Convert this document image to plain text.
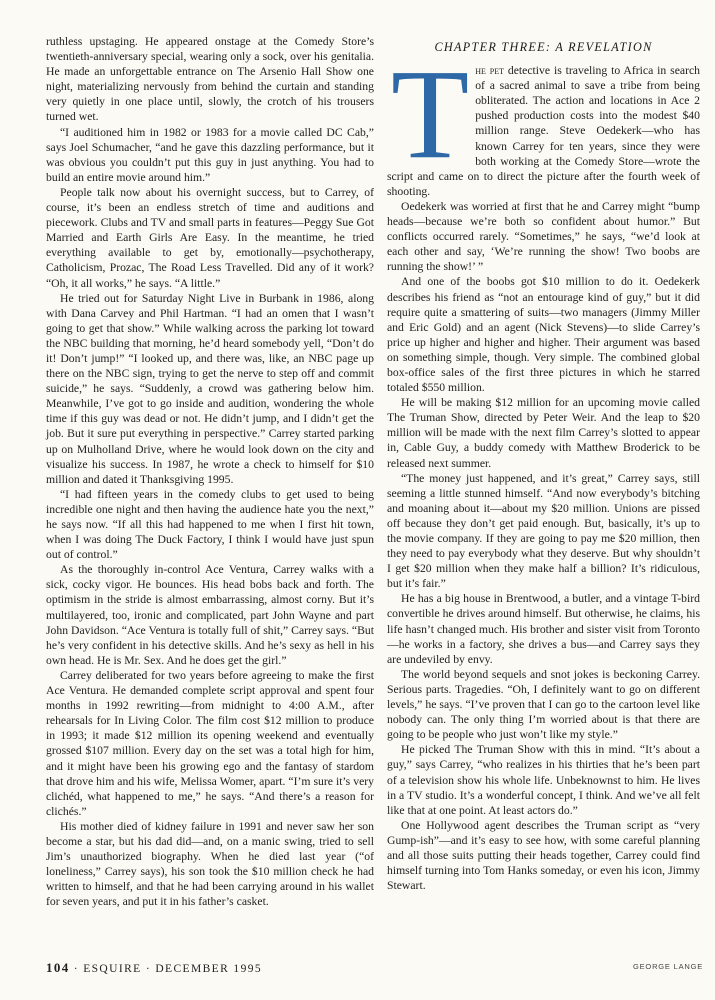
ruthless upstaging. He appeared onstage at the Comedy Store’s twentieth-anniversary special, wearing only a sock, over his genitalia. He made an unforgettable entrance on The Arsenio Hall Show one night, materializing nervously from behind the curtain and standing very quietly in one place until, slowly, the crotch of his trousers turned wet.

“I auditioned him in 1982 or 1983 for a movie called DC Cab,” says Joel Schumacher, “and he gave this dazzling performance, but it was obvious you couldn’t put this guy in just anything. You had to build an entire movie around him.”

People talk now about his overnight success, but to Carrey, of course, it’s been an endless stretch of time and auditions and piecework. Clubs and TV and small parts in features—Peggy Sue Got Married and Earth Girls Are Easy. In the meantime, he tried everything available to get by, emotionally—psychotherapy, Catholicism, Prozac, The Road Less Travelled. Did any of it work? “Oh, it all works,” he says. “A little.”

He tried out for Saturday Night Live in Burbank in 1986, along with Dana Carvey and Phil Hartman. “I had an omen that I wasn’t going to get that show.” While walking across the parking lot toward the NBC building that morning, he’d heard somebody yell, “Don’t do it! Don’t jump!” “I looked up, and there was, like, an NBC page up there on the NBC sign, trying to get the nerve to step off and commit suicide,” he says. “Suddenly, a crowd was gathering below him. Meanwhile, I’ve got to go inside and audition, wondering the whole time if this guy was dead or not. He didn’t jump, and I didn’t get the job. But it sure put everything in perspective.” Carrey started parking up on Mulholland Drive, where he would look down on the city and visualize his success. In 1987, he wrote a check to himself for $10 million and dated it Thanksgiving 1995.

“I had fifteen years in the comedy clubs to get used to being incredible one night and then having the audience hate you the next,” he says now. “If all this had happened to me when I first hit town, when I was doing The Duck Factory, I think I would have just spun out of control.”

As the thoroughly in-control Ace Ventura, Carrey walks with a sick, cocky vigor. He bounces. His head bobs back and forth. The optimism in the stride is almost embarrassing, almost corny. But it’s multilayered, too, ironic and complicated, part John Wayne and part John Davidson. “Ace Ventura is totally full of shit,” Carrey says. “But he’s very confident in his detective skills. And he’s sexy as hell in his own head. He is Mr. Sex. And he does get the girl.”

Carrey deliberated for two years before agreeing to make the first Ace Ventura. He demanded complete script approval and spent four months in 1992 rewriting—from midnight to 4:00 A.M., after rehearsals for In Living Color. The film cost $12 million to produce in 1993; it made $12 million its opening weekend and eventually grossed $107 million. Every day on the set was a total high for him, and it might have been his growing ego and the fantasy of stardom that drove him and his wife, Melissa Womer, apart. “I’m sure it’s very clichéd, what happened to me,” he says. “And there’s a reason for clichés.”

His mother died of kidney failure in 1991 and never saw her son become a star, but his dad did—and, on a manic swing, tried to sell Jim’s unauthorized biography. When he died last year (“of loneliness,” Carrey says), his son took the $10 million check he had written to himself, and that he had been carrying around in his wallet for seven years, and put it in his father’s casket.

CHAPTER THREE: A REVELATION

The pet detective is traveling to Africa in search of a sacred animal to save a tribe from being obliterated. The action and locations in Ace 2 pushed production costs into the modest $40 million range. Steve Oedekerk—who has known Carrey for ten years, since they were both working at the Comedy Store—wrote the script and came on to direct the picture after the fourth week of shooting.

Oedekerk was worried at first that he and Carrey might “bump heads—because we’re both so confident about humor.” But conflicts occurred rarely. “Sometimes,” he says, “we’d look at each other and say, ‘We’re running the show! Two boobs are running the show!’ ”

And one of the boobs got $10 million to do it. Oedekerk describes his friend as “not an entourage kind of guy,” but it did require quite a smattering of suits—two managers (Jimmy Miller and Eric Gold) and an agent (Nick Stevens)—to slide Carrey’s price up higher and higher and higher. Their argument was based on something simple, though. Very simple. The combined global box-office sales of the first three pictures in which he starred totaled $550 million.

He will be making $12 million for an upcoming movie called The Truman Show, directed by Peter Weir. And the leap to $20 million will be made with the next film Carrey’s slotted to appear in, Cable Guy, a buddy comedy with Matthew Broderick to be released next summer.

“The money just happened, and it’s great,” Carrey says, still seeming a little stunned himself. “And now everybody’s bitching and moaning about it—about my $20 million. Unions are pissed off because they don’t get paid enough. But, basically, it’s up to the movie company. If they are going to pay me $20 million, then they need to pay everybody what they deserve. But why shouldn’t I get $20 million when they make half a billion? It’s ridiculous, but it’s fair.”

He has a big house in Brentwood, a butler, and a vintage T-bird convertible he drives around himself. But otherwise, he claims, his life hasn’t changed much. His brother and sister visit from Toronto—he works in a factory, she drives a bus—and Carrey says they are undeviled by envy.

The world beyond sequels and snot jokes is beckoning Carrey. Serious parts. Tragedies. “Oh, I definitely want to go on different levels,” he says. “I’ve proven that I can go to the cartoon level like nobody can. The only thing I’m worried about is that there are going to be people who just won’t like my style.”

He picked The Truman Show with this in mind. “It’s about a guy,” says Carrey, “who realizes in his thirties that he’s been part of a television show his whole life. Unbeknownst to him. He lives in a TV studio. It’s a wonderful concept, I think. And we’ve all felt like that at one point. At least actors do.”

One Hollywood agent describes the Truman script as “very Gump-ish”—and it’s easy to see how, with some careful planning and all those suits putting their heads together, Carrey could find himself turning into Tom Hanks someday, or even his icon, Jimmy Stewart.

104 · ESQUIRE · DECEMBER 1995	GEORGE LANGE
